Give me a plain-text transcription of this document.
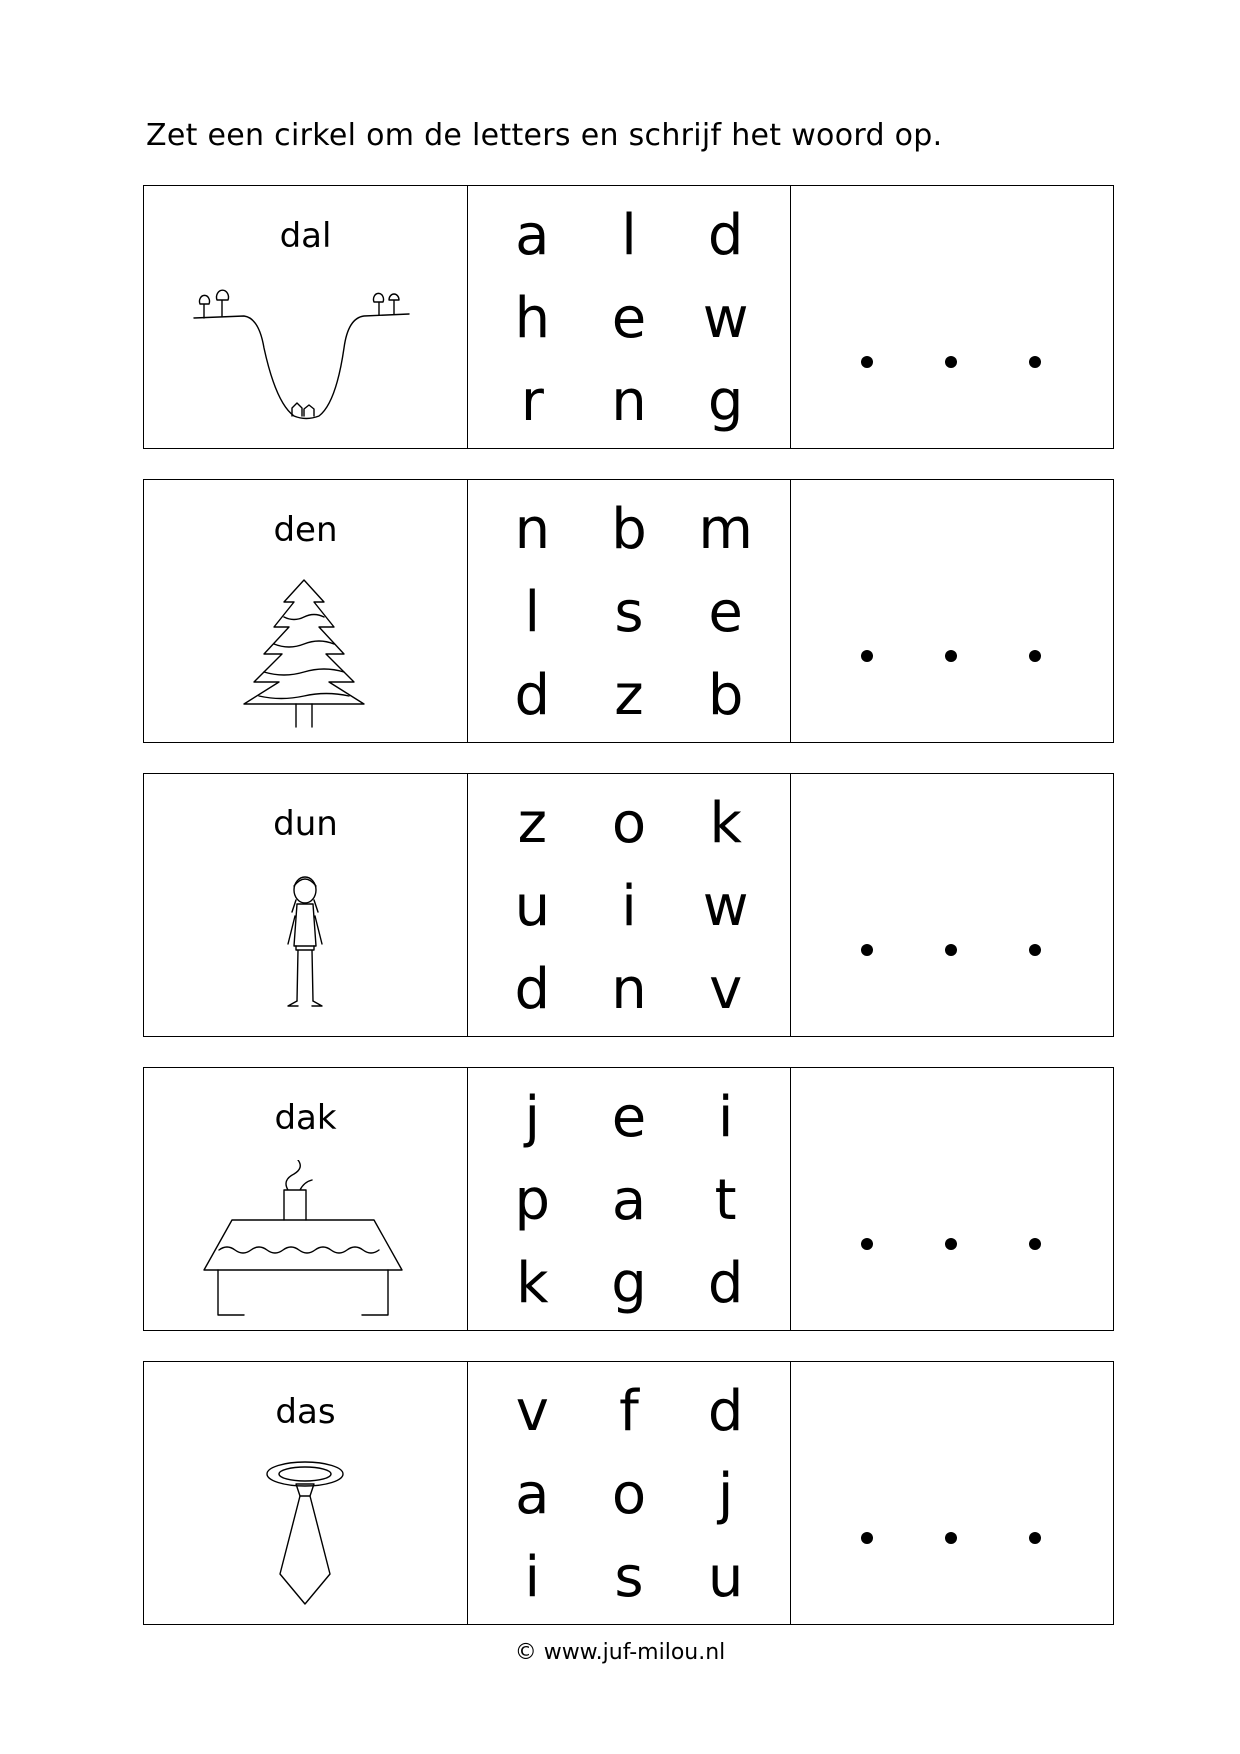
Zet een cirkel om de letters en schrijf het woord op.
dal	a l d
h e w
r n g
den	n b m
l s e
d z b
dun	z o k
u i w
d n v
dak	j e i
p a t
k g d
das	v f d
a o j
i s u
© www.juf-milou.nl
